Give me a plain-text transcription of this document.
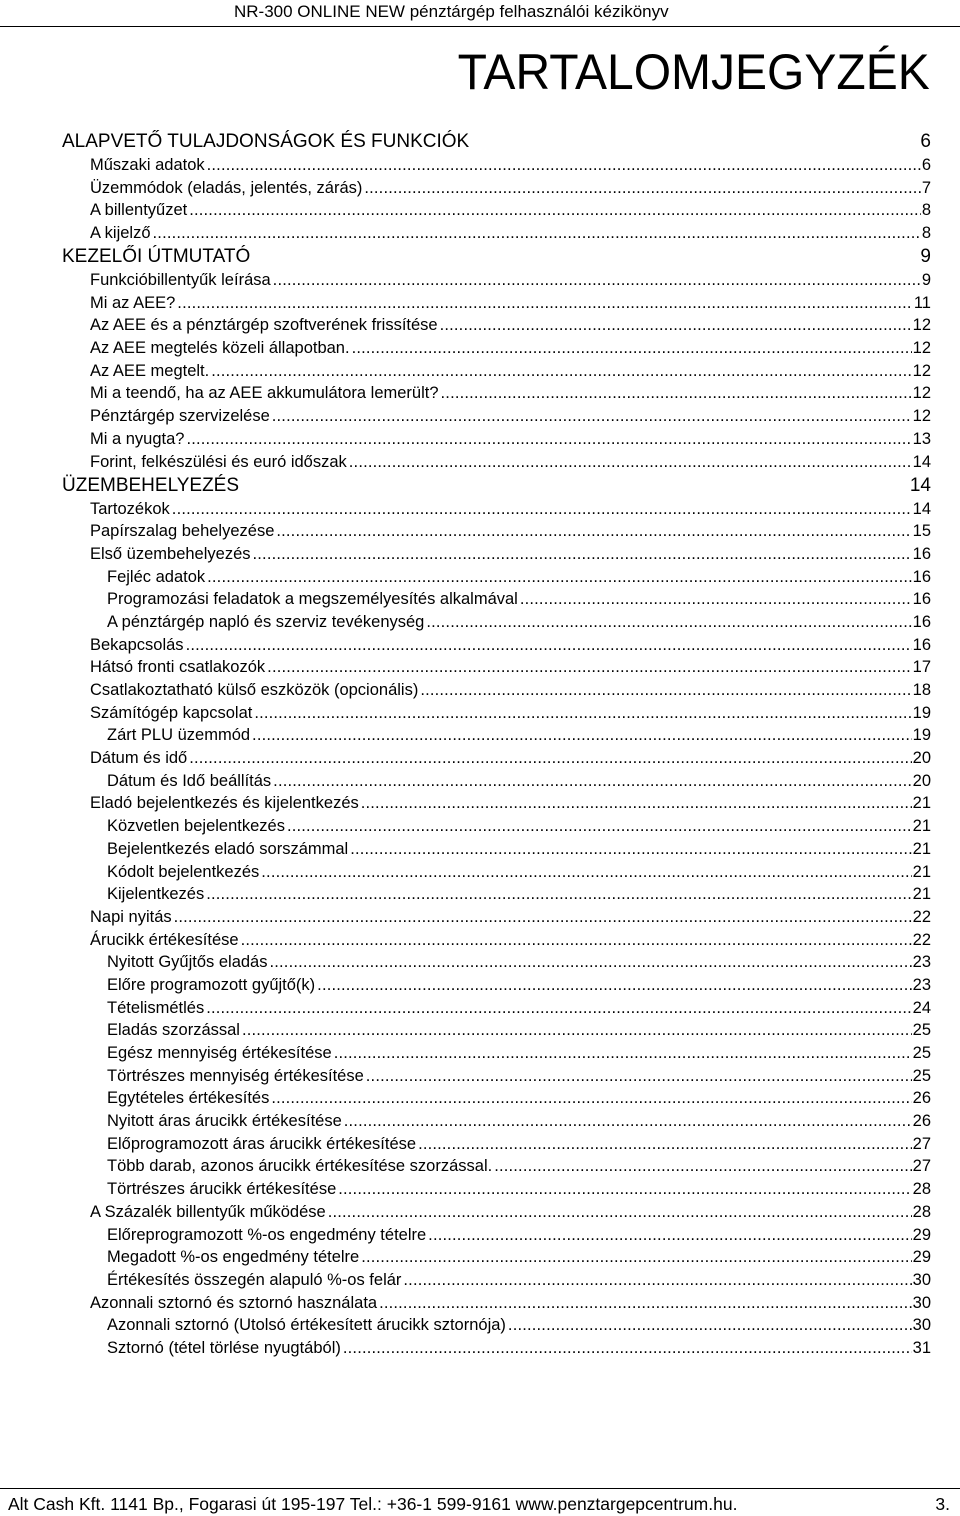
NR-300 ONLINE NEW pénztárgép felhasználói kézikönyv
TARTALOMJEGYZÉK
ALAPVETŐ TULAJDONSÁGOK ÉS FUNKCIÓK	6
Műszaki adatok . . .	6
Üzemmódok (eladás, jelentés, zárás) . . .	7
A billentyűzet . . .	8
A kijelző . . .	8
KEZELŐI ÚTMUTATÓ	9
Funkcióbillentyűk leírása . . .	9
Mi az AEE? . . .	11
Az AEE és a pénztárgép szoftverének frissítése . . .	12
Az AEE megtelés közeli állapotban. . . .	12
Az AEE megtelt. . . .	12
Mi a teendő, ha az AEE akkumulátora lemerült? . . .	12
Pénztárgép szervizelése . . .	12
Mi a nyugta? . . .	13
Forint, felkészülési és euró időszak . . .	14
ÜZEMBEHELYEZÉS	14
Tartozékok . . .	14
Papírszalag behelyezése . . .	15
Első üzembehelyezés . . .	16
Fejléc adatok . . .	16
Programozási feladatok a megszemélyesítés alkalmával . . .	16
A pénztárgép napló és szerviz tevékenység . . .	16
Bekapcsolás . . .	16
Hátsó fronti csatlakozók . . .	17
Csatlakoztatható külső eszközök (opcionális) . . .	18
Számítógép kapcsolat . . .	19
Zárt PLU üzemmód . . .	19
Dátum és idő . . .	20
Dátum és Idő beállítás . . .	20
Eladó bejelentkezés és kijelentkezés . . .	21
Közvetlen bejelentkezés . . .	21
Bejelentkezés eladó sorszámmal . . .	21
Kódolt bejelentkezés . . .	21
Kijelentkezés . . .	21
Napi nyitás . . .	22
Árucikk értékesítése . . .	22
Nyitott Gyűjtős eladás . . .	23
Előre programozott gyűjtő(k) . . .	23
Tételismétlés . . .	24
Eladás szorzással . . .	25
Egész mennyiség értékesítése . . .	25
Törtrészes mennyiség értékesítése . . .	25
Egytételes értékesítés . . .	26
Nyitott áras árucikk értékesítése . . .	26
Előprogramozott áras árucikk értékesítése . . .	27
Több darab, azonos árucikk értékesítése szorzással. . . .	27
Törtrészes árucikk értékesítése . . .	28
A Százalék billentyűk működése . . .	28
Előreprogramozott %-os engedmény tételre . . .	29
Megadott %-os engedmény tételre . . .	29
Értékesítés összegén alapuló %-os felár . . .	30
Azonnali sztornó és sztornó használata . . .	30
Azonnali sztornó (Utolsó értékesített árucikk sztornója) . . .	30
Sztornó (tétel törlése nyugtából) . . .	31
Alt Cash Kft. 1141 Bp., Fogarasi út 195-197 Tel.: +36-1 599-9161 www.penztargepcentrum.hu.	3.
